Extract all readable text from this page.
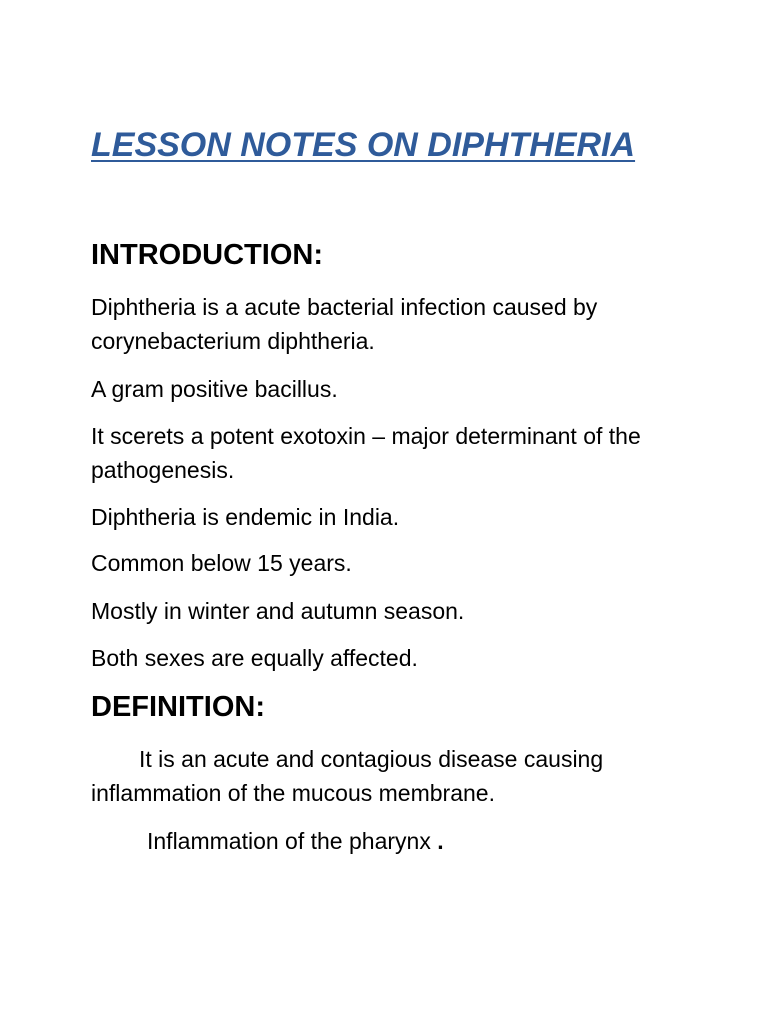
LESSON NOTES ON DIPHTHERIA
INTRODUCTION:

Diphtheria is a acute bacterial infection caused by corynebacterium diphtheria.

A gram positive bacillus.

It scerets a potent exotoxin – major determinant of the pathogenesis.

Diphtheria is endemic in India.

Common below 15 years.

Mostly in winter and autumn season.

Both sexes are equally affected.

DEFINITION:

It is an acute and contagious disease causing inflammation of the mucous membrane.

Inflammation of the pharynx .
